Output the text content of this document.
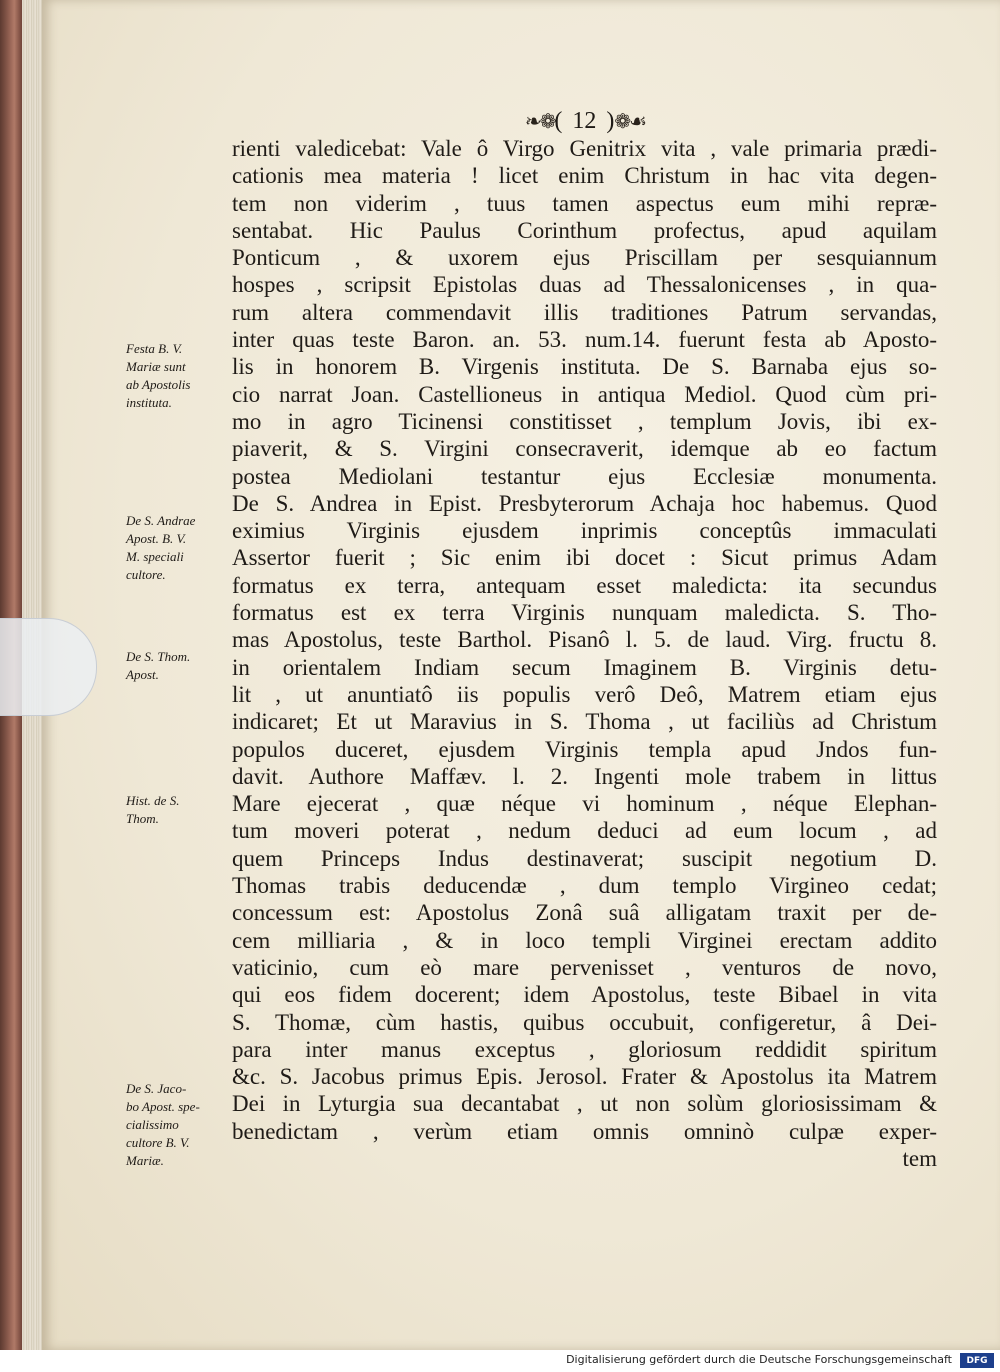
❧❁ ( 12 ) ❁☙
rienti valedicebat: Vale ô Virgo Genitrix vita , vale primaria prædi-
cationis mea materia ! licet enim Christum in hac vita degen-
tem non viderim , tuus tamen aspectus eum mihi repræ-
sentabat. Hic Paulus Corinthum profectus, apud aquilam
Ponticum , & uxorem ejus Priscillam per sesquiannum
hospes , scripsit Epistolas duas ad Thessalonicenses , in qua-
rum altera commendavit illis traditiones Patrum servandas,
inter quas teste Baron. an. 53. num.14. fuerunt festa ab Aposto-
lis in honorem B. Virgenis instituta. De S. Barnaba ejus so-
cio narrat Joan. Castellioneus in antiqua Mediol. Quod cùm pri-
mo in agro Ticinensi constitisset , templum Jovis, ibi ex-
piaverit, & S. Virgini consecraverit, idemque ab eo factum
postea Mediolani testantur ejus Ecclesiæ monumenta.
De S. Andrea in Epist. Presbyterorum Achaja hoc habemus. Quod
eximius Virginis ejusdem inprimis conceptûs immaculati
Assertor fuerit ; Sic enim ibi docet : Sicut primus Adam
formatus ex terra, antequam esset maledicta: ita secundus
formatus est ex terra Virginis nunquam maledicta. S. Tho-
mas Apostolus, teste Barthol. Pisanô l. 5. de laud. Virg. fructu 8.
in orientalem Indiam secum Imaginem B. Virginis detu-
lit , ut anuntiatô iis populis verô Deô, Matrem etiam ejus
indicaret; Et ut Maravius in S. Thoma , ut faciliùs ad Christum
populos duceret, ejusdem Virginis templa apud Jndos fun-
davit. Authore Maffæv. l. 2. Ingenti mole trabem in littus
Mare ejecerat , quæ néque vi hominum , néque Elephan-
tum moveri poterat , nedum deduci ad eum locum , ad
quem Princeps Indus destinaverat; suscipit negotium D.
Thomas trabis deducendæ , dum templo Virgineo cedat;
concessum est: Apostolus Zonâ suâ alligatam traxit per de-
cem milliaria , & in loco templi Virginei erectam addito
vaticinio, cum eò mare pervenisset , venturos de novo,
qui eos fidem docerent; idem Apostolus, teste Bibael in vita
S. Thomæ, cùm hastis, quibus occubuit, configeretur, â Dei-
para inter manus exceptus , gloriosum reddidit spiritum
&c. S. Jacobus primus Epis. Jerosol. Frater & Apostolus ita Matrem
Dei in Lyturgia sua decantabat , ut non solùm gloriosissimam &
benedictam , verùm etiam omnis omninò culpæ exper-
tem
Festa B. V.
Mariæ sunt
ab Apostolis
instituta.
De S. Andrae
Apost. B. V.
M. speciali
cultore.
De S. Thom.
Apost.
Hist. de S.
Thom.
De S. Jaco-
bo Apost. spe-
cialissimo
cultore B. V.
Mariæ.
Digitalisierung gefördert durch die Deutsche Forschungsgemeinschaft	DFG
